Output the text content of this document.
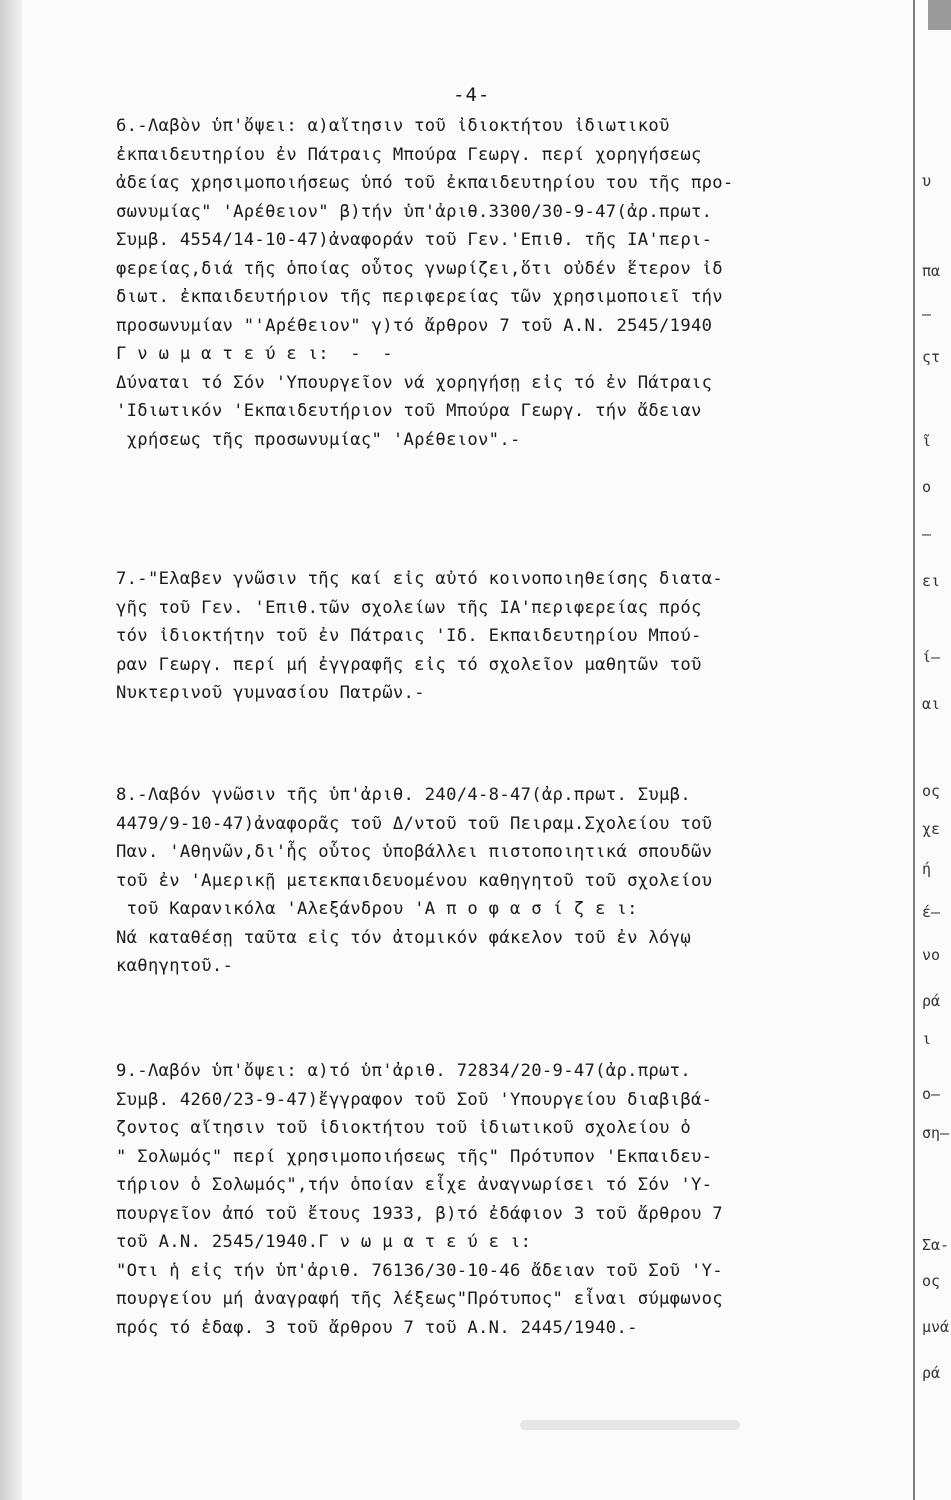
-4-
6.-Λαβὸν ὑπ'ὄψει: α)αἴτησιν τοῦ ἰδιοκτήτου ἰδιωτικοῦ
ἐκπαιδευτηρίου ἐν Πάτραις Μπούρα Γεωργ. περί χορηγήσεως
ἀδείας χρησιμοποιήσεως ὑπό τοῦ ἐκπαιδευτηρίου του τῆς προ-
σωνυμίας" 'Αρέθειον" β)τήν ὑπ'ἀριθ.3300/30-9-47(ἀρ.πρωτ.
Συμβ. 4554/14-10-47)ἀναφοράν τοῦ Γεν.'Επιθ. τῆς ΙΑ'περι-
φερείας,διά τῆς ὁποίας οὗτος γνωρίζει,ὅτι οὐδέν ἕτερον ἰδ
διωτ. ἐκπαιδευτήριον τῆς περιφερείας τῶν χρησιμοποιεῖ τήν
προσωνυμίαν "'Αρέθειον" γ)τό ἄρθρον 7 τοῦ Α.Ν. 2545/1940
Γ ν ω μ α τ ε ύ ε ι:  -  -
Δύναται τό Σόν 'Υπουργεῖον νά χορηγήσῃ εἰς τό ἐν Πάτραις
'Ιδιωτικόν 'Εκπαιδευτήριον τοῦ Μπούρα Γεωργ. τήν ἄδειαν
χρήσεως τῆς προσωνυμίας" 'Αρέθειον".-
7.-"Ελαβεν γνῶσιν τῆς καί εἰς αὐτό κοινοποιηθείσης διατα-
γῆς τοῦ Γεν. 'Επιθ.τῶν σχολείων τῆς ΙΑ'περιφερείας πρός
τόν ἰδιοκτήτην τοῦ ἐν Πάτραις 'Ιδ. Εκπαιδευτηρίου Μπού-
ραν Γεωργ. περί μή ἐγγραφῆς εἰς τό σχολεῖον μαθητῶν τοῦ
Νυκτερινοῦ γυμνασίου Πατρῶν.-
8.-Λαβόν γνῶσιν τῆς ὑπ'ἀριθ. 240/4-8-47(ἀρ.πρωτ. Συμβ.
4479/9-10-47)ἀναφορᾶς τοῦ Δ/ντοῦ τοῦ Πειραμ.Σχολείου τοῦ
Παν. 'Αθηνῶν,δι'ἧς οὗτος ὑποβάλλει πιστοποιητικά σπουδῶν
τοῦ ἐν 'Αμερικῇ μετεκπαιδευομένου καθηγητοῦ τοῦ σχολείου
τοῦ Καρανικόλα 'Αλεξάνδρου 'Α π ο φ α σ ί ζ ε ι:
Νά καταθέσῃ ταῦτα εἰς τόν ἀτομικόν φάκελον τοῦ ἐν λόγῳ
καθηγητοῦ.-
9.-Λαβόν ὑπ'ὄψει: α)τό ὑπ'ἀριθ. 72834/20-9-47(ἀρ.πρωτ.
Συμβ. 4260/23-9-47)ἔγγραφον τοῦ Σοῦ 'Υπουργείου διαβιβά-
ζοντος αἴτησιν τοῦ ἰδιοκτήτου τοῦ ἰδιωτικοῦ σχολείου ὁ
" Σολωμός" περί χρησιμοποιήσεως τῆς" Πρότυπον 'Εκπαιδευ-
τήριον ὁ Σολωμός",τήν ὁποίαν εἶχε ἀναγνωρίσει τό Σόν 'Υ-
πουργεῖον ἀπό τοῦ ἔτους 1933, β)τό ἐδάφιον 3 τοῦ ἄρθρου 7
τοῦ Α.Ν. 2545/1940.Γ ν ω μ α τ ε ύ ε ι:
"Οτι ἡ εἰς τήν ὑπ'ἀριθ. 76136/30-10-46 ἄδειαν τοῦ Σοῦ 'Υ-
πουργείου μή ἀναγραφή τῆς λέξεως"Πρότυπος" εἶναι σύμφωνος
πρός τό ἐδαφ. 3 τοῦ ἄρθρου 7 τοῦ Α.Ν. 2445/1940.-
υ
πα
–
ςτ
ῖ
ο
–
ει
ί–
αι
ος
χε
ή
έ–
νο
ρά
ι
ο–
ση–
Σα-
ος
μνά
ρά
